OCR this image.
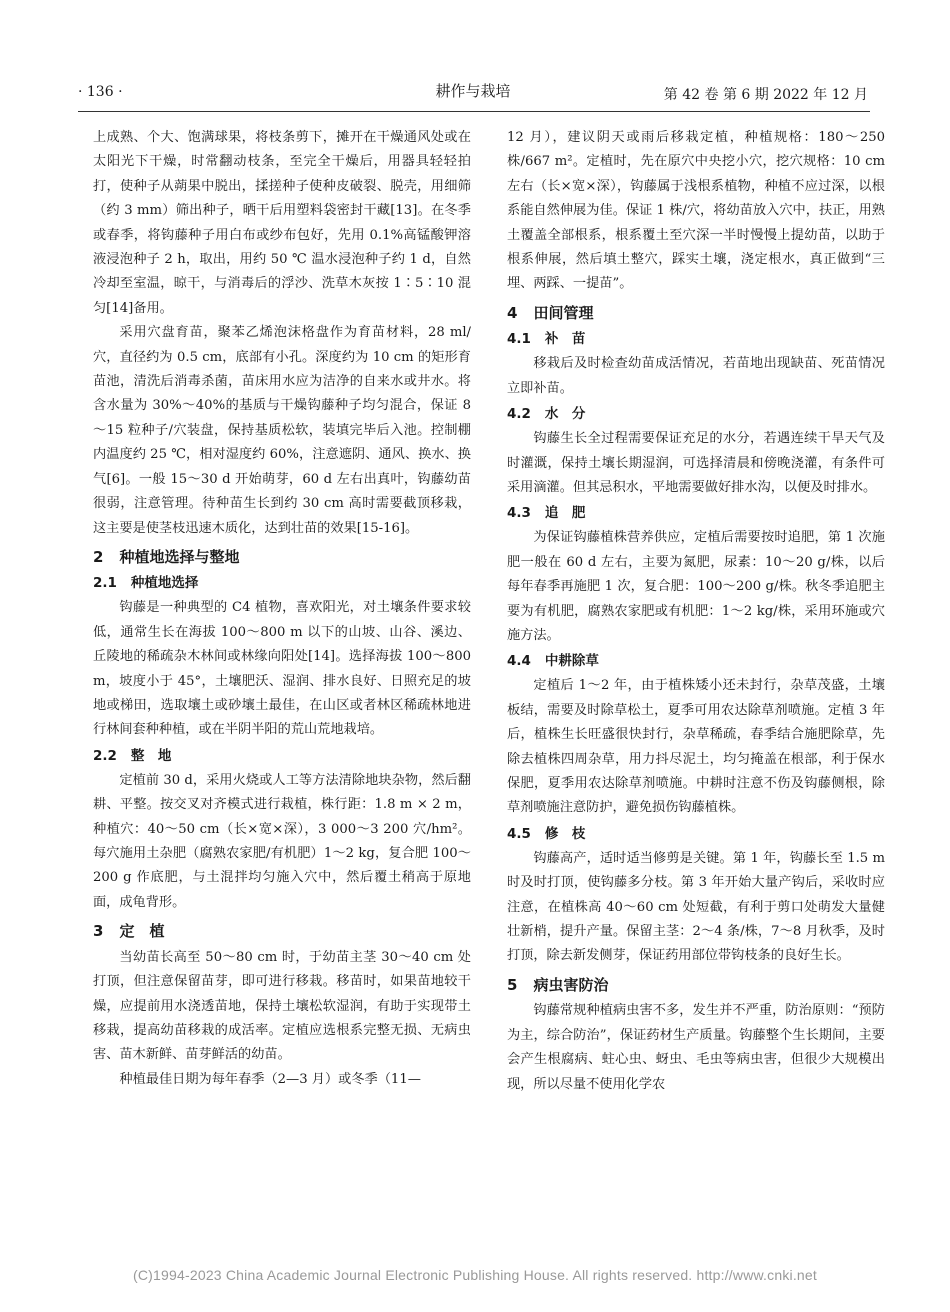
· 136 ·	耕作与栽培	第 42 卷 第 6 期 2022 年 12 月

上成熟、个大、饱满球果，将枝条剪下，摊开在干燥通风处或在太阳光下干燥，时常翻动枝条，至完全干燥后，用器具轻轻拍打，使种子从蒴果中脱出，揉搓种子使种皮破裂、脱壳，用细筛（约 3 mm）筛出种子，晒干后用塑料袋密封干藏[13]。在冬季或春季，将钩藤种子用白布或纱布包好，先用 0.1%高锰酸钾溶液浸泡种子 2 h，取出，用约 50 ℃ 温水浸泡种子约 1 d，自然冷却至室温，晾干，与消毒后的浮沙、洗草木灰按 1∶5∶10 混匀[14]备用。

采用穴盘育苗，聚苯乙烯泡沫格盘作为育苗材料，28 ml/穴，直径约为 0.5 cm，底部有小孔。深度约为 10 cm 的矩形育苗池，清洗后消毒杀菌，苗床用水应为洁净的自来水或井水。将含水量为 30%～40%的基质与干燥钩藤种子均匀混合，保证 8～15 粒种子/穴装盘，保持基质松软，装填完毕后入池。控制棚内温度约 25 ℃，相对湿度约 60%，注意遮阴、通风、换水、换气[6]。一般 15～30 d 开始萌芽，60 d 左右出真叶，钩藤幼苗很弱，注意管理。待种苗生长到约 30 cm 高时需要截顶移栽，这主要是使茎枝迅速木质化，达到壮苗的效果[15-16]。

2 种植地选择与整地
2.1 种植地选择

钩藤是一种典型的 C4 植物，喜欢阳光，对土壤条件要求较低，通常生长在海拔 100～800 m 以下的山坡、山谷、溪边、丘陵地的稀疏杂木林间或林缘向阳处[14]。选择海拔 100～800 m，坡度小于 45°，土壤肥沃、湿润、排水良好、日照充足的坡地或梯田，选取壤土或砂壤土最佳，在山区或者林区稀疏林地进行林间套种种植，或在半阴半阳的荒山荒地栽培。

2.2 整　地

定植前 30 d，采用火烧或人工等方法清除地块杂物，然后翻耕、平整。按交叉对齐模式进行栽植，株行距：1.8 m × 2 m，种植穴：40～50 cm（长×宽×深），3 000～3 200 穴/hm²。每穴施用土杂肥（腐熟农家肥/有机肥）1～2 kg，复合肥 100～200 g 作底肥，与土混拌均匀施入穴中，然后覆土稍高于原地面，成龟背形。

3 定　植

当幼苗长高至 50～80 cm 时，于幼苗主茎 30～40 cm 处打顶，但注意保留苗芽，即可进行移栽。移苗时，如果苗地较干燥，应提前用水浇透苗地，保持土壤松软湿润，有助于实现带土移栽，提高幼苗移栽的成活率。定植应选根系完整无损、无病虫害、苗木新鲜、苗芽鲜活的幼苗。

种植最佳日期为每年春季（2—3 月）或冬季（11—

12 月），建议阴天或雨后移栽定植，种植规格：180～250 株/667 m²。定植时，先在原穴中央挖小穴，挖穴规格：10 cm 左右（长×宽×深），钩藤属于浅根系植物，种植不应过深，以根系能自然伸展为佳。保证 1 株/穴，将幼苗放入穴中，扶正，用熟土覆盖全部根系，根系覆土至穴深一半时慢慢上提幼苗，以助于根系伸展，然后填土整穴，踩实土壤，浇定根水，真正做到“三埋、两踩、一提苗”。

4 田间管理
4.1 补　苗

移栽后及时检查幼苗成活情况，若苗地出现缺苗、死苗情况立即补苗。

4.2 水　分

钩藤生长全过程需要保证充足的水分，若遇连续干旱天气及时灌溉，保持土壤长期湿润，可选择清晨和傍晚浇灌，有条件可采用滴灌。但其忌积水，平地需要做好排水沟，以便及时排水。

4.3 追　肥

为保证钩藤植株营养供应，定植后需要按时追肥，第 1 次施肥一般在 60 d 左右，主要为氮肥，尿素：10～20 g/株，以后每年春季再施肥 1 次，复合肥：100～200 g/株。秋冬季追肥主要为有机肥，腐熟农家肥或有机肥：1～2 kg/株，采用环施或穴施方法。

4.4 中耕除草

定植后 1～2 年，由于植株矮小还未封行，杂草茂盛，土壤板结，需要及时除草松土，夏季可用农达除草剂喷施。定植 3 年后，植株生长旺盛很快封行，杂草稀疏，春季结合施肥除草，先除去植株四周杂草，用力抖尽泥土，均匀掩盖在根部，利于保水保肥，夏季用农达除草剂喷施。中耕时注意不伤及钩藤侧根，除草剂喷施注意防护，避免损伤钩藤植株。

4.5 修　枝

钩藤高产，适时适当修剪是关键。第 1 年，钩藤长至 1.5 m 时及时打顶，使钩藤多分枝。第 3 年开始大量产钩后，采收时应注意，在植株高 40～60 cm 处短截，有利于剪口处萌发大量健壮新梢，提升产量。保留主茎：2～4 条/株，7～8 月秋季，及时打顶，除去新发侧芽，保证药用部位带钩枝条的良好生长。

5 病虫害防治

钩藤常规种植病虫害不多，发生并不严重，防治原则：“预防为主，综合防治”，保证药材生产质量。钩藤整个生长期间，主要会产生根腐病、蛀心虫、蚜虫、毛虫等病虫害，但很少大规模出现，所以尽量不使用化学农

(C)1994-2023 China Academic Journal Electronic Publishing House. All rights reserved. http://www.cnki.net
